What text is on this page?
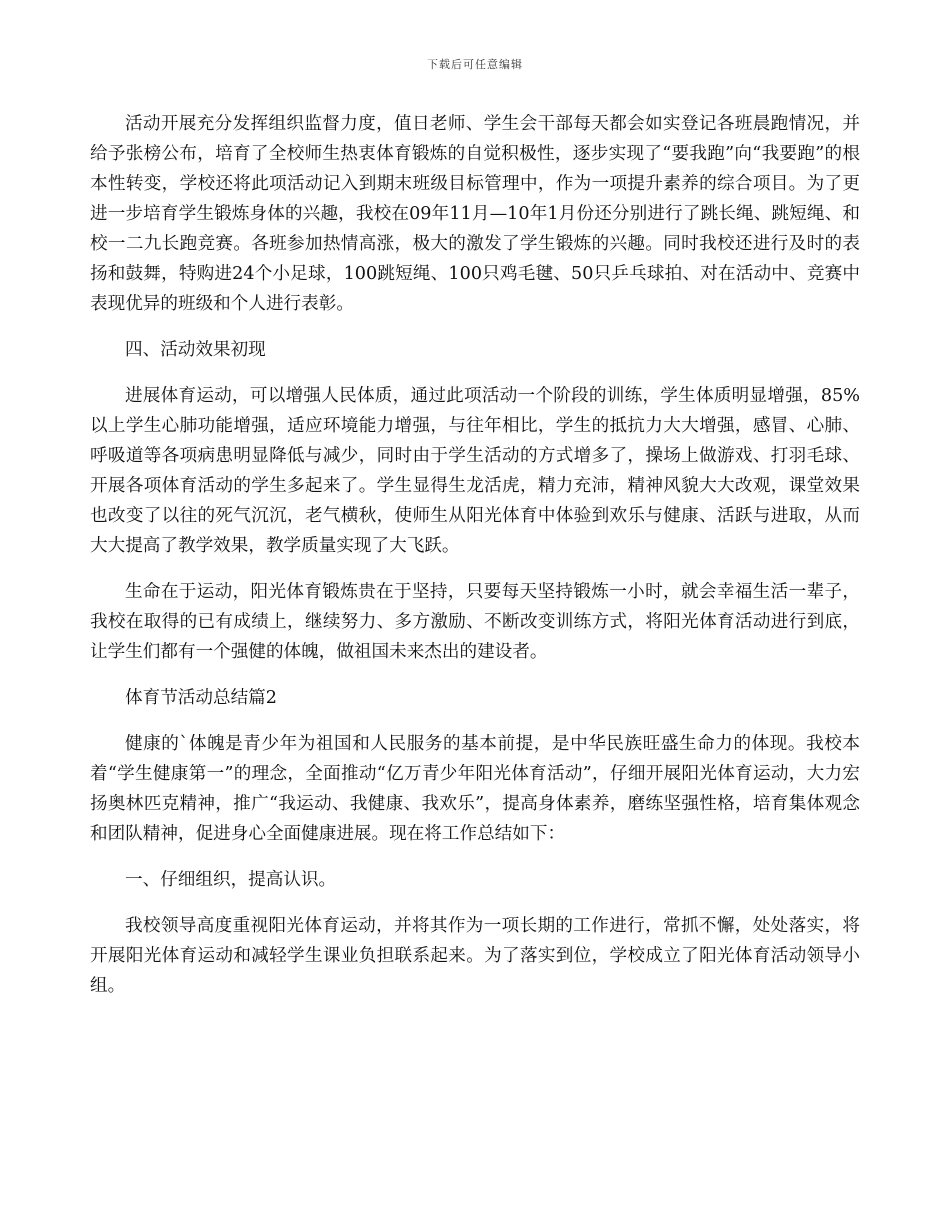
下载后可任意编辑

活动开展充分发挥组织监督力度，值日老师、学生会干部每天都会如实登记各班晨跑情况，并给予张榜公布，培育了全校师生热衷体育锻炼的自觉积极性，逐步实现了“要我跑”向“我要跑”的根本性转变，学校还将此项活动记入到期末班级目标管理中，作为一项提升素养的综合项目。为了更进一步培育学生锻炼身体的兴趣，我校在09年11月—10年1月份还分别进行了跳长绳、跳短绳、和校一二九长跑竞赛。各班参加热情高涨，极大的激发了学生锻炼的兴趣。同时我校还进行及时的表扬和鼓舞，特购进24个小足球，100跳短绳、100只鸡毛毽、50只乒乓球拍、对在活动中、竞赛中表现优异的班级和个人进行表彰。

四、活动效果初现

进展体育运动，可以增强人民体质，通过此项活动一个阶段的训练，学生体质明显增强，85%以上学生心肺功能增强，适应环境能力增强，与往年相比，学生的抵抗力大大增强，感冒、心肺、呼吸道等各项病患明显降低与减少，同时由于学生活动的方式增多了，操场上做游戏、打羽毛球、开展各项体育活动的学生多起来了。学生显得生龙活虎，精力充沛，精神风貌大大改观，课堂效果也改变了以往的死气沉沉，老气横秋，使师生从阳光体育中体验到欢乐与健康、活跃与进取，从而大大提高了教学效果，教学质量实现了大飞跃。

生命在于运动，阳光体育锻炼贵在于坚持，只要每天坚持锻炼一小时，就会幸福生活一辈子，我校在取得的已有成绩上，继续努力、多方激励、不断改变训练方式，将阳光体育活动进行到底，让学生们都有一个强健的体魄，做祖国未来杰出的建设者。

体育节活动总结篇2

健康的`体魄是青少年为祖国和人民服务的基本前提，是中华民族旺盛生命力的体现。我校本着“学生健康第一”的理念，全面推动“亿万青少年阳光体育活动”，仔细开展阳光体育运动，大力宏扬奥林匹克精神，推广“我运动、我健康、我欢乐”，提高身体素养，磨练坚强性格，培育集体观念和团队精神，促进身心全面健康进展。现在将工作总结如下：

一、仔细组织，提高认识。

我校领导高度重视阳光体育运动，并将其作为一项长期的工作进行，常抓不懈，处处落实，将开展阳光体育运动和减轻学生课业负担联系起来。为了落实到位，学校成立了阳光体育活动领导小组。
